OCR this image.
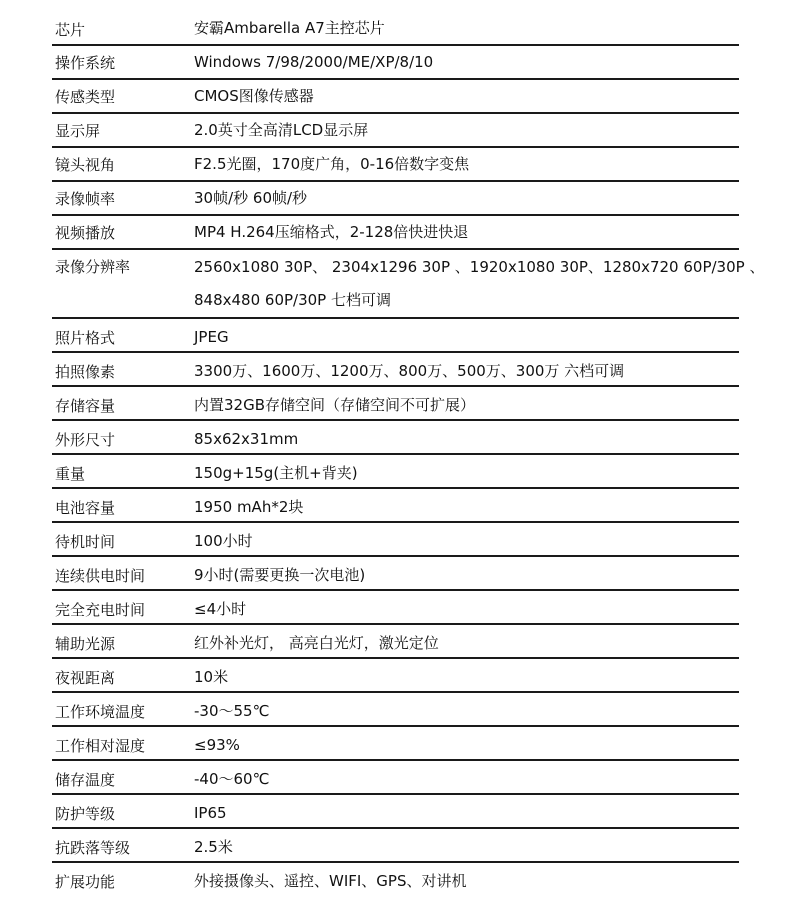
芯片	安霸Ambarella A7主控芯片
操作系统	Windows 7/98/2000/ME/XP/8/10
传感类型	CMOS图像传感器
显示屏	2.0英寸全高清LCD显示屏
镜头视角	F2.5光圈，170度广角，0-16倍数字变焦
录像帧率	30帧/秒 60帧/秒
视频播放	MP4 H.264压缩格式，2-128倍快进快退
录像分辨率	2560x1080 30P、 2304x1296 30P 、1920x1080 30P、1280x720 60P/30P 、
848x480 60P/30P 七档可调
照片格式	JPEG
拍照像素	3300万、1600万、1200万、800万、500万、300万 六档可调
存储容量	内置32GB存储空间（存储空间不可扩展）
外形尺寸	85x62x31mm
重量	150g+15g(主机+背夹)
电池容量	1950 mAh*2块
待机时间	100小时
连续供电时间	9小时(需要更换一次电池)
完全充电时间	≤4小时
辅助光源	红外补光灯， 高亮白光灯，激光定位
夜视距离	10米
工作环境温度	-30～55℃
工作相对湿度	≤93%
储存温度	-40～60℃
防护等级	IP65
抗跌落等级	2.5米
扩展功能	外接摄像头、遥控、WIFI、GPS、对讲机
